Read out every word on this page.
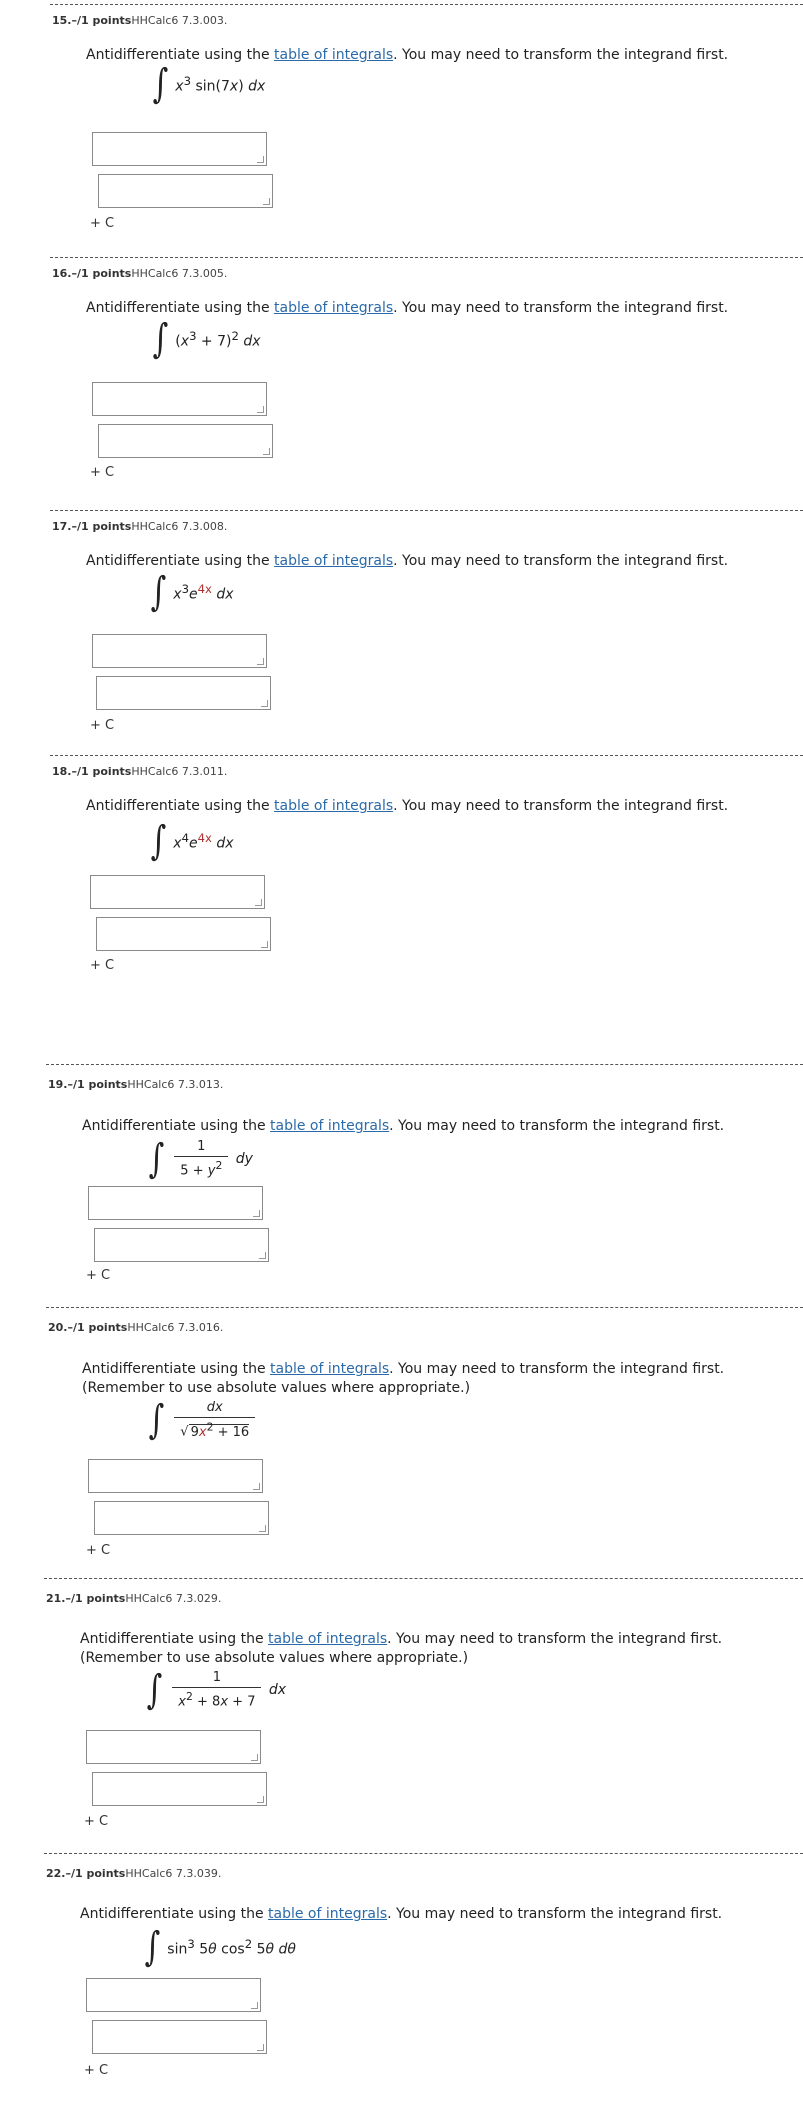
15.–/1 pointsHHCalc6 7.3.003.
Antidifferentiate using the table of integrals. You may need to transform the integrand first.
∫ $x^3$ sin(7x) dx
+ C
16.–/1 pointsHHCalc6 7.3.005.
Antidifferentiate using the table of integrals. You may need to transform the integrand first.
∫ $(x^3 + 7)^2$ dx
+ C
17.–/1 pointsHHCalc6 7.3.008.
Antidifferentiate using the table of integrals. You may need to transform the integrand first.
∫ $x^3e^{4x}$ dx
+ C
18.–/1 pointsHHCalc6 7.3.011.
Antidifferentiate using the table of integrals. You may need to transform the integrand first.
∫ $x^4e^{4x}$ dx
+ C
19.–/1 pointsHHCalc6 7.3.013.
Antidifferentiate using the table of integrals. You may need to transform the integrand first.
∫ $\frac{1}{5 + y^2}$ dy
+ C
20.–/1 pointsHHCalc6 7.3.016.
Antidifferentiate using the table of integrals. You may need to transform the integrand first.
(Remember to use absolute values where appropriate.)
∫ $\frac{dx}{√ 9x^2 + 16}$
+ C
21.–/1 pointsHHCalc6 7.3.029.
Antidifferentiate using the table of integrals. You may need to transform the integrand first.
(Remember to use absolute values where appropriate.)
∫ $\frac{1}{x^2 + 8x + 7}$ dx
+ C
22.–/1 pointsHHCalc6 7.3.039.
Antidifferentiate using the table of integrals. You may need to transform the integrand first.
∫ $\sin^3 5\theta$ $\cos^2 5\theta$ dθ
+ C
